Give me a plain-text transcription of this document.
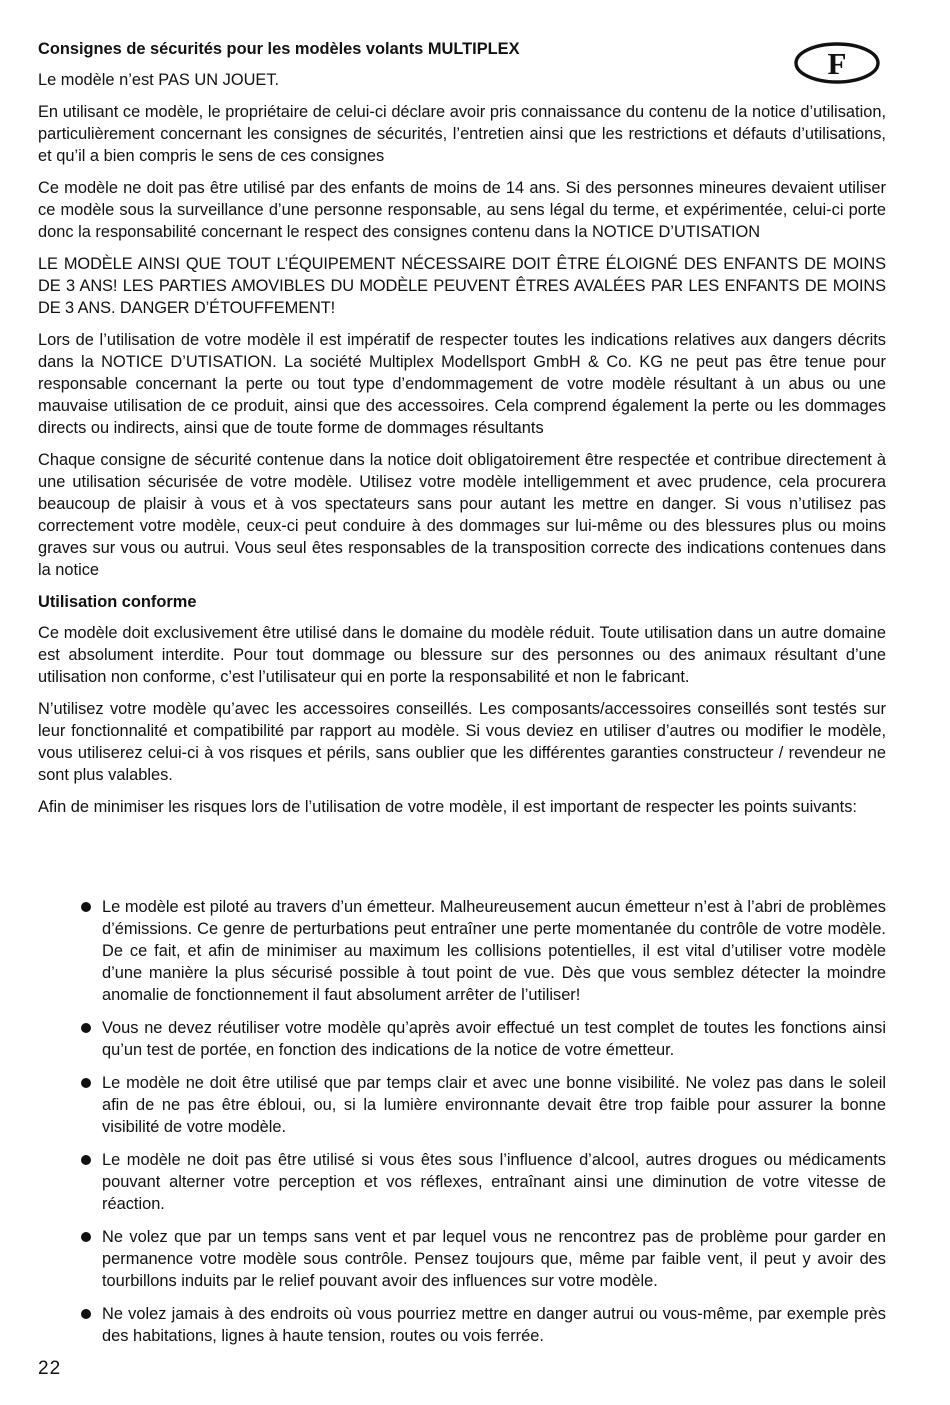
F
Consignes de sécurités pour les modèles volants MULTIPLEX

Le modèle n’est PAS UN JOUET.

En utilisant ce modèle, le propriétaire de celui-ci déclare avoir pris connaissance du contenu de la notice d’utilisation, particulièrement concernant les consignes de sécurités, l’entretien ainsi que les restrictions et défauts d’utilisations, et qu’il a bien compris le sens de ces consignes

Ce modèle ne doit pas être utilisé par des enfants de moins de 14 ans. Si des personnes mineures devaient utiliser ce modèle sous la surveillance d’une personne responsable, au sens légal du terme, et expérimentée, celui-ci porte donc la responsabilité concernant le respect des consignes contenu dans la NOTICE D’UTISATION

LE MODÈLE AINSI QUE TOUT L’ÉQUIPEMENT NÉCESSAIRE DOIT ÊTRE ÉLOIGNÉ DES ENFANTS DE MOINS DE 3 ANS! LES PARTIES AMOVIBLES DU MODÈLE PEUVENT ÊTRES AVALÉES PAR LES ENFANTS DE MOINS DE 3 ANS. DANGER D’ÉTOUFFEMENT!

Lors de l’utilisation de votre modèle il est impératif de respecter toutes les indications relatives aux dangers décrits dans la NOTICE D’UTISATION. La société Multiplex Modellsport GmbH & Co. KG ne peut pas être tenue pour responsable concernant la perte ou tout type d’endommagement de votre modèle résultant à un abus ou une mauvaise utilisation de ce produit, ainsi que des accessoires. Cela comprend également la perte ou les dommages directs ou indirects, ainsi que de toute forme de dommages résultants

Chaque consigne de sécurité contenue dans la notice doit obligatoirement être respectée et contribue directement à une utilisation sécurisée de votre modèle. Utilisez votre modèle intelligemment et avec prudence, cela procurera beaucoup de plaisir à vous et à vos spectateurs sans pour autant les mettre en danger. Si vous n’utilisez pas correctement votre modèle, ceux-ci peut conduire à des dommages sur lui-même ou des blessures plus ou moins graves sur vous ou autrui. Vous seul êtes responsables de la transposition correcte des indications contenues dans la notice

Utilisation conforme

Ce modèle doit exclusivement être utilisé dans le domaine du modèle réduit. Toute utilisation dans un autre domaine est absolument interdite. Pour tout dommage ou blessure sur des personnes ou des animaux résultant d’une utilisation non conforme, c’est l’utilisateur qui en porte la responsabilité et non le fabricant.

N’utilisez votre modèle qu’avec les accessoires conseillés. Les composants/accessoires conseillés sont testés sur leur fonctionnalité et compatibilité par rapport au modèle. Si vous deviez en utiliser d’autres ou modifier le modèle, vous utiliserez celui-ci à vos risques et périls, sans oublier que les différentes garanties constructeur / revendeur ne sont plus valables.

Afin de minimiser les risques lors de l’utilisation de votre modèle, il est important de respecter les points suivants:

Le modèle est piloté au travers d’un émetteur. Malheureusement aucun émetteur n’est à l’abri de problèmes d’émissions. Ce genre de perturbations peut entraîner une perte momentanée du contrôle de votre modèle. De ce fait, et afin de minimiser au maximum les collisions potentielles, il est vital d’utiliser votre modèle d’une manière la plus sécurisé possible à tout point de vue. Dès que vous semblez détecter la moindre anomalie de fonctionnement il faut absolument arrêter de l’utiliser!
Vous ne devez réutiliser votre modèle qu’après avoir effectué un test complet de toutes les fonctions ainsi qu’un test de portée, en fonction des indications de la notice de votre émetteur.
Le modèle ne doit être utilisé que par temps clair et avec une bonne visibilité. Ne volez pas dans le soleil afin de ne pas être ébloui, ou, si la lumière environnante devait être trop faible pour assurer la bonne visibilité de votre modèle.
Le modèle ne doit pas être utilisé si vous êtes sous l’influence d’alcool, autres drogues ou médicaments pouvant alterner votre perception et vos réflexes, entraînant ainsi une diminution de votre vitesse de réaction.
Ne volez que par un temps sans vent et par lequel vous ne rencontrez pas de problème pour garder en permanence votre modèle sous contrôle. Pensez toujours que, même par faible vent, il peut y avoir des tourbillons induits par le relief pouvant avoir des influences sur votre modèle.
Ne volez jamais à des endroits où vous pourriez mettre en danger autrui ou vous-même, par exemple près des habitations, lignes à haute tension, routes ou vois ferrée.
22
